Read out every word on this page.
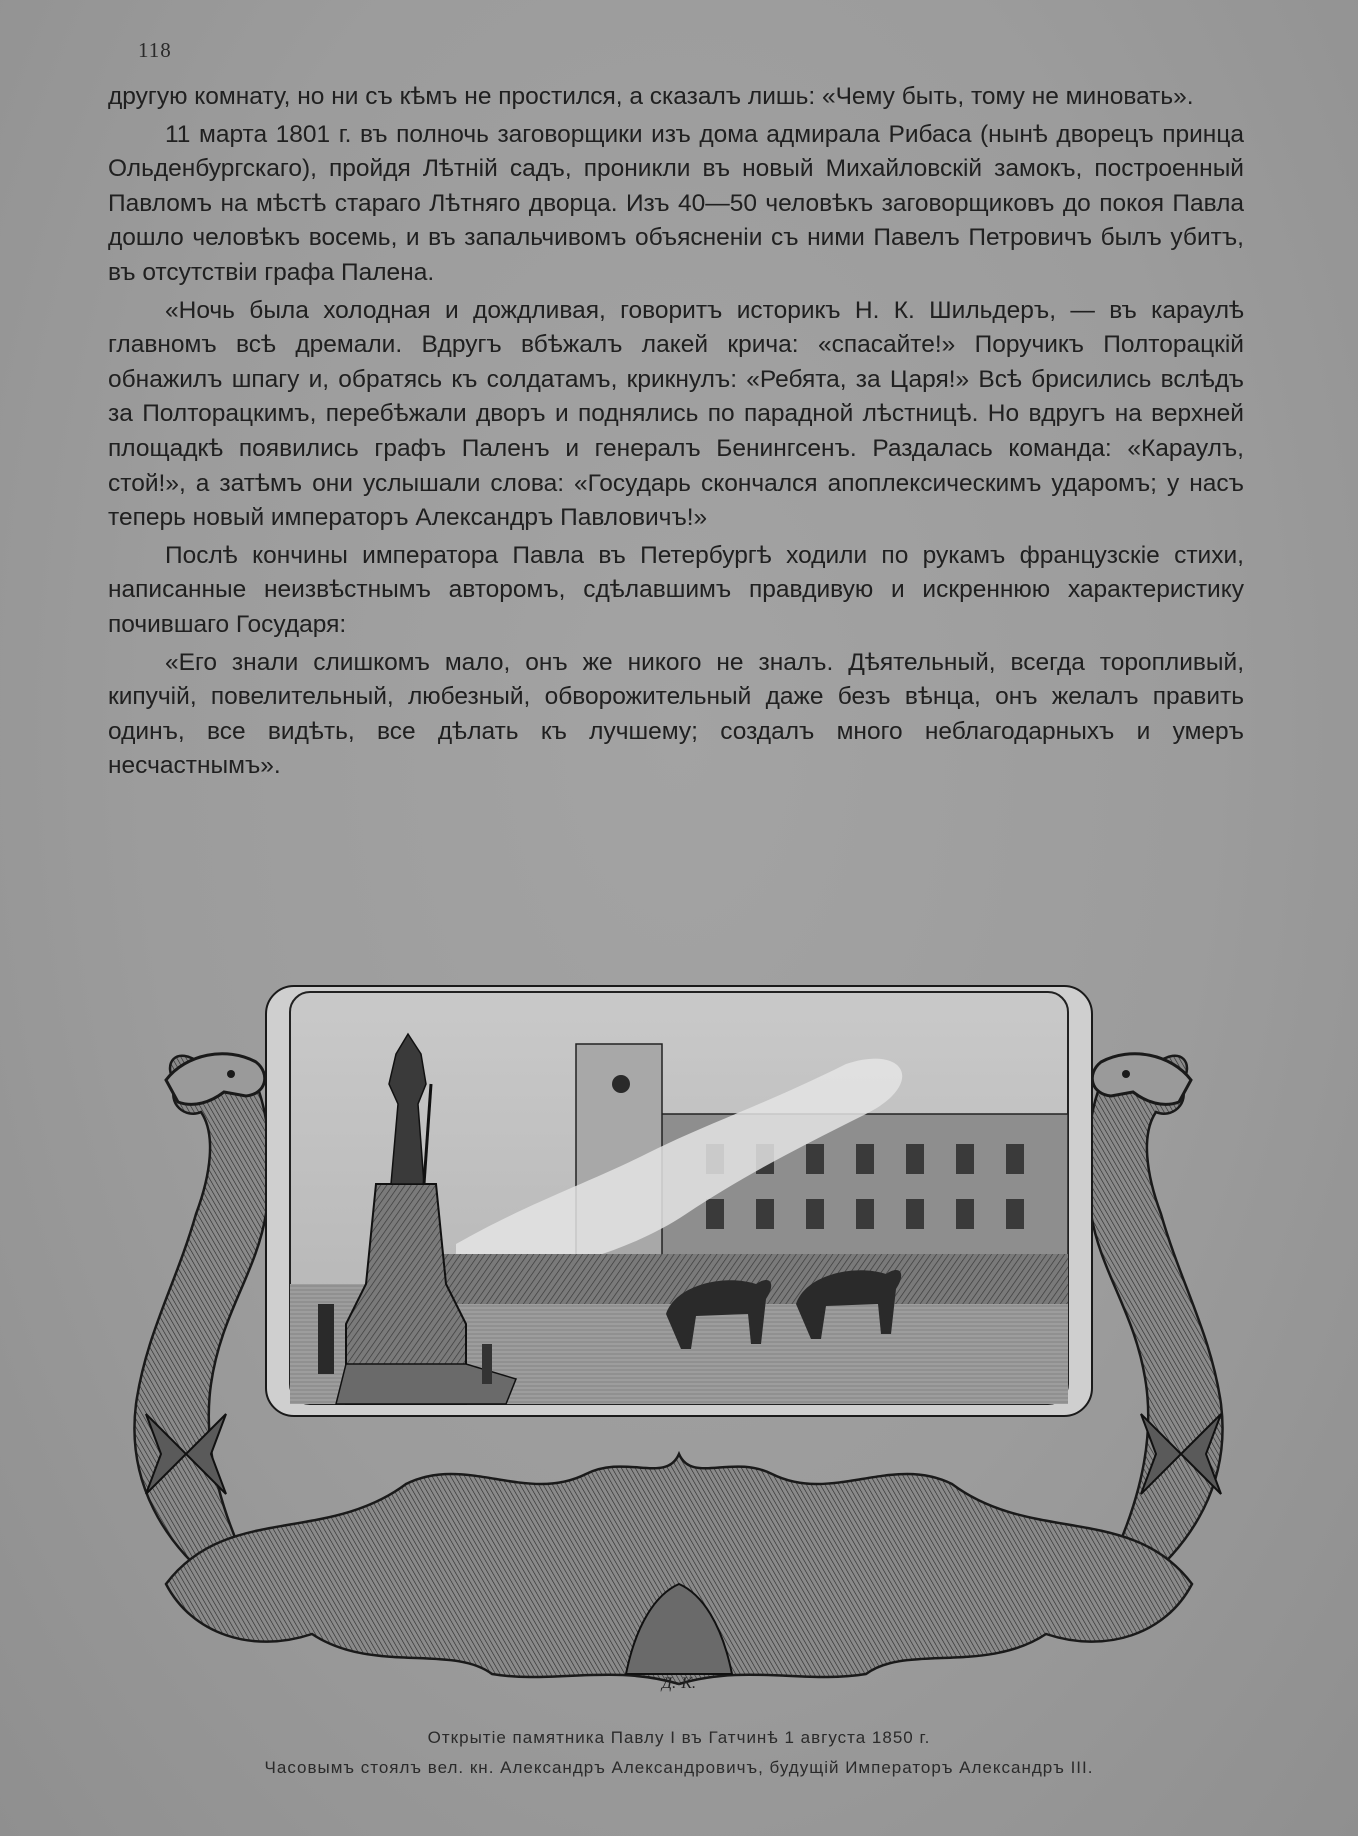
118

другую комнату, но ни съ кѣмъ не простился, а сказалъ лишь: «Чему быть, тому не миновать».

11 марта 1801 г. въ полночь заговорщики изъ дома адмирала Рибаса (нынѣ дворецъ принца Ольденбургскаго), пройдя Лѣтній садъ, проникли въ новый Михайловскій замокъ, построенный Павломъ на мѣстѣ стараго Лѣтняго дворца. Изъ 40—50 человѣкъ заговорщиковъ до покоя Павла дошло человѣкъ восемь, и въ запальчивомъ объясненіи съ ними Павелъ Петровичъ былъ убитъ, въ отсутствіи графа Палена.

«Ночь была холодная и дождливая, говоритъ историкъ Н. К. Шильдеръ, — въ караулѣ главномъ всѣ дремали. Вдругъ вбѣжалъ лакей крича: «спасайте!» Поручикъ Полторацкій обнажилъ шпагу и, обратясь къ солдатамъ, крикнулъ: «Ребята, за Царя!» Всѣ брисились вслѣдъ за Полторацкимъ, перебѣжали дворъ и поднялись по парадной лѣстницѣ. Но вдругъ на верхней площадкѣ появились графъ Паленъ и генералъ Бенингсенъ. Раздалась команда: «Караулъ, стой!», а затѣмъ они услышали слова: «Государь скончался апоплексическимъ ударомъ; у насъ теперь новый императоръ Александръ Павловичъ!»

Послѣ кончины императора Павла въ Петербургѣ ходили по рукамъ французскіе стихи, написанные неизвѣстнымъ авторомъ, сдѣлавшимъ правдивую и искреннюю характеристику почившаго Государя:

«Его знали слишкомъ мало, онъ же никого не зналъ. Дѣятельный, всегда торопливый, кипучій, повелительный, любезный, обворожительный даже безъ вѣнца, онъ желалъ править одинъ, все видѣть, все дѣлать къ лучшему; создалъ много неблагодарныхъ и умеръ несчастнымъ».

Д.-К.
Открытіе памятника Павлу I въ Гатчинѣ 1 августа 1850 г.
Часовымъ стоялъ вел. кн. Александръ Александровичъ, будущій Императоръ Александръ III.
